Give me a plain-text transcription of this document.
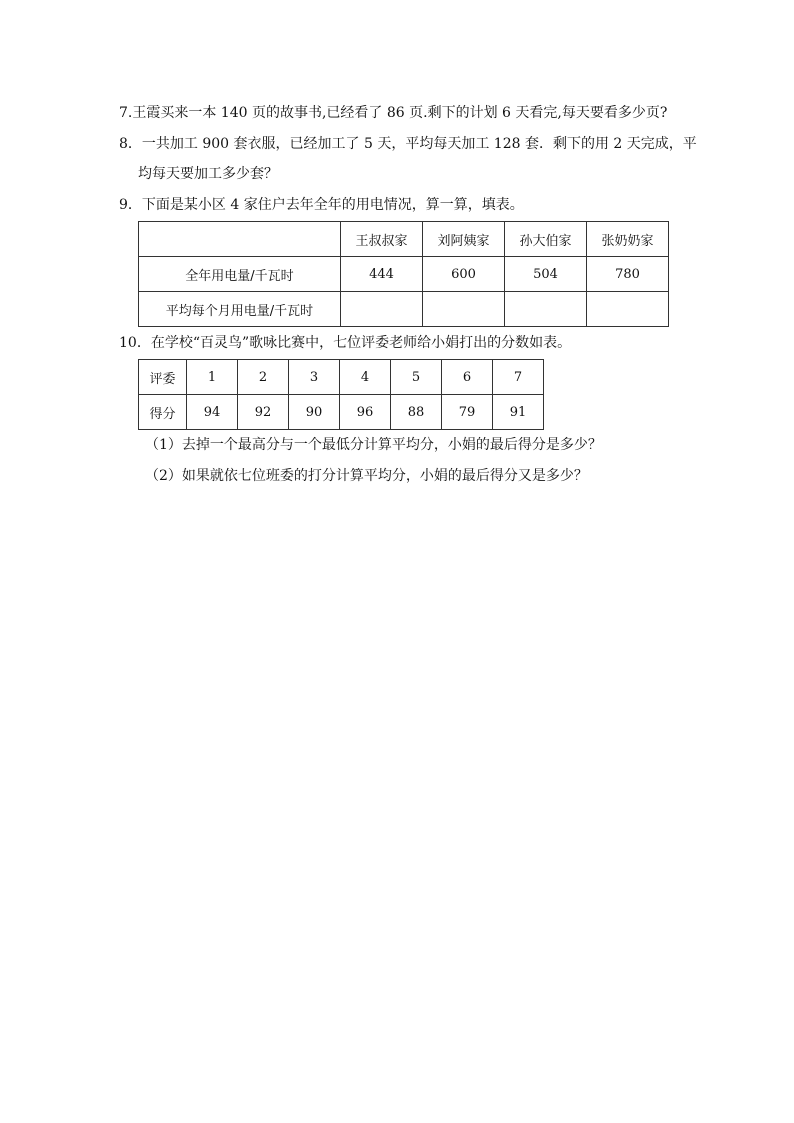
7.王霞买来一本 140 页的故事书,已经看了 86 页.剩下的计划 6 天看完,每天要看多少页?
8．一共加工 900 套衣服，已经加工了 5 天，平均每天加工 128 套．剩下的用 2 天完成，平
均每天要加工多少套？
9．下面是某小区 4 家住户去年全年的用电情况，算一算，填表。
	王叔叔家	刘阿姨家	孙大伯家	张奶奶家
全年用电量/千瓦时	444	600	504	780
平均每个月用电量/千瓦时				
10．在学校“百灵鸟”歌咏比赛中，七位评委老师给小娟打出的分数如表。
评委	1	2	3	4	5	6	7
得分	94	92	90	96	88	79	91
（1）去掉一个最高分与一个最低分计算平均分，小娟的最后得分是多少？
（2）如果就依七位班委的打分计算平均分，小娟的最后得分又是多少？
